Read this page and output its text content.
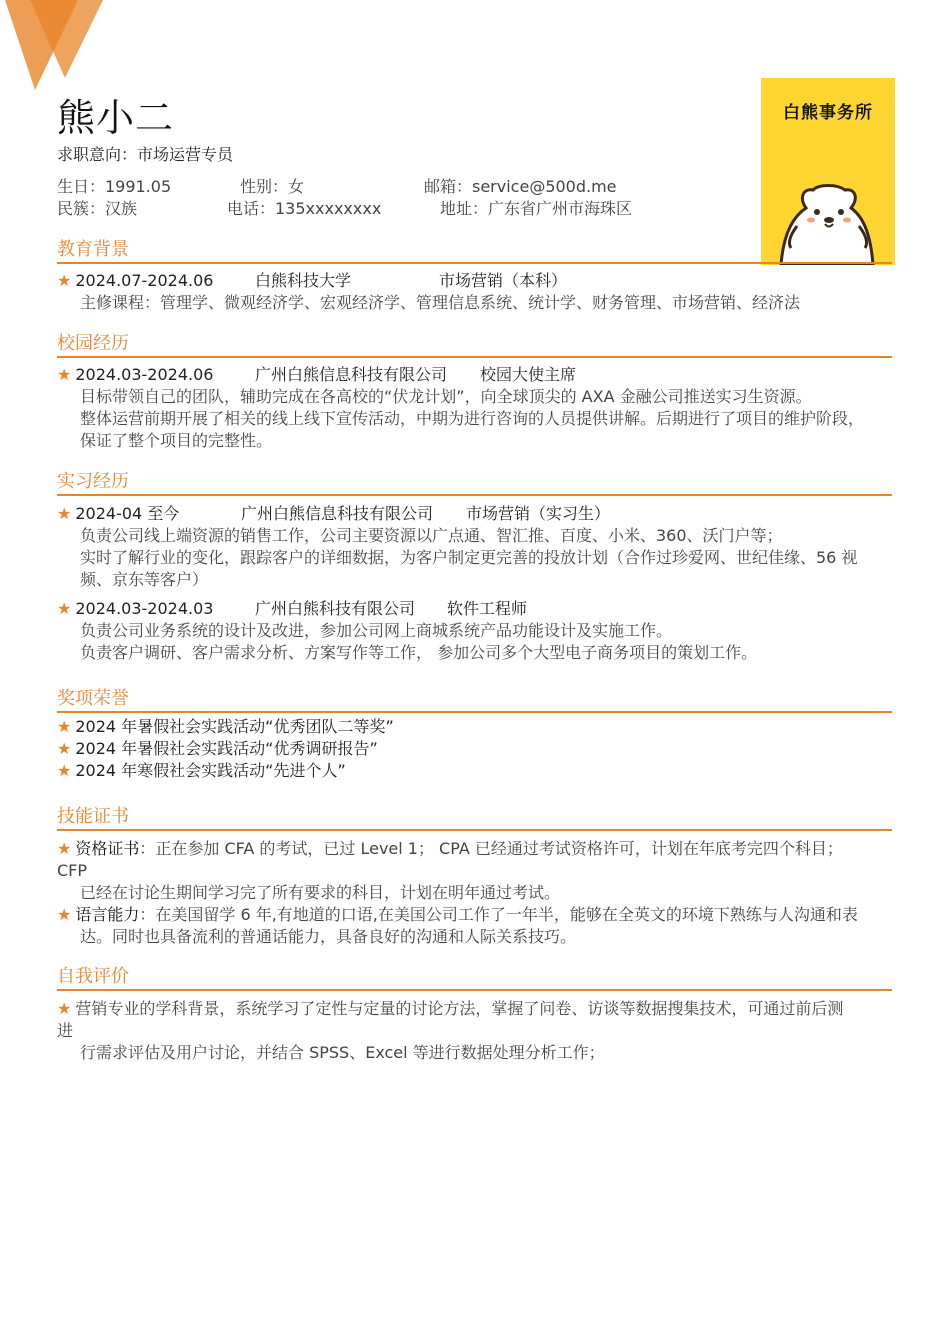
熊小二
求职意向：市场运营专员
生日：1991.05	性别：女	邮箱：service@500d.me
民簇：汉族	电话：135xxxxxxxx	地址：广东省广州市海珠区
白熊事务所
教育背景
★ 2024.07-2024.06	白熊科技大学	市场营销（本科）
主修课程：管理学、微观经济学、宏观经济学、管理信息系统、统计学、财务管理、市场营销、经济法
校园经历
★ 2024.03-2024.06	广州白熊信息科技有限公司 校园大使主席
目标带领自己的团队，辅助完成在各高校的“伏龙计划”，向全球顶尖的 AXA 金融公司推送实习生资源。
整体运营前期开展了相关的线上线下宣传活动，中期为进行咨询的人员提供讲解。后期进行了项目的维护阶段，
保证了整个项目的完整性。
实习经历
★ 2024-04 至今	广州白熊信息科技有限公司 市场营销（实习生）
负责公司线上端资源的销售工作，公司主要资源以广点通、智汇推、百度、小米、360、沃门户等；
实时了解行业的变化，跟踪客户的详细数据，为客户制定更完善的投放计划（合作过珍爱网、世纪佳缘、56 视
频、京东等客户）
★ 2024.03-2024.03	广州白熊科技有限公司 软件工程师
负责公司业务系统的设计及改进，参加公司网上商城系统产品功能设计及实施工作。
负责客户调研、客户需求分析、方案写作等工作， 参加公司多个大型电子商务项目的策划工作。
奖项荣誉
★ 2024 年暑假社会实践活动“优秀团队二等奖”
★ 2024 年暑假社会实践活动“优秀调研报告”
★ 2024 年寒假社会实践活动“先进个人”
技能证书
★ 资格证书：正在参加 CFA 的考试，已过 Level 1； CPA 已经通过考试资格许可，计划在年底考完四个科目；
CFP
已经在讨论生期间学习完了所有要求的科目，计划在明年通过考试。
★ 语言能力：在美国留学 6 年,有地道的口语,在美国公司工作了一年半，能够在全英文的环境下熟练与人沟通和表
达。同时也具备流利的普通话能力，具备良好的沟通和人际关系技巧。
自我评价
★ 营销专业的学科背景，系统学习了定性与定量的讨论方法，掌握了问卷、访谈等数据搜集技术，可通过前后测
进
行需求评估及用户讨论，并结合 SPSS、Excel 等进行数据处理分析工作；
